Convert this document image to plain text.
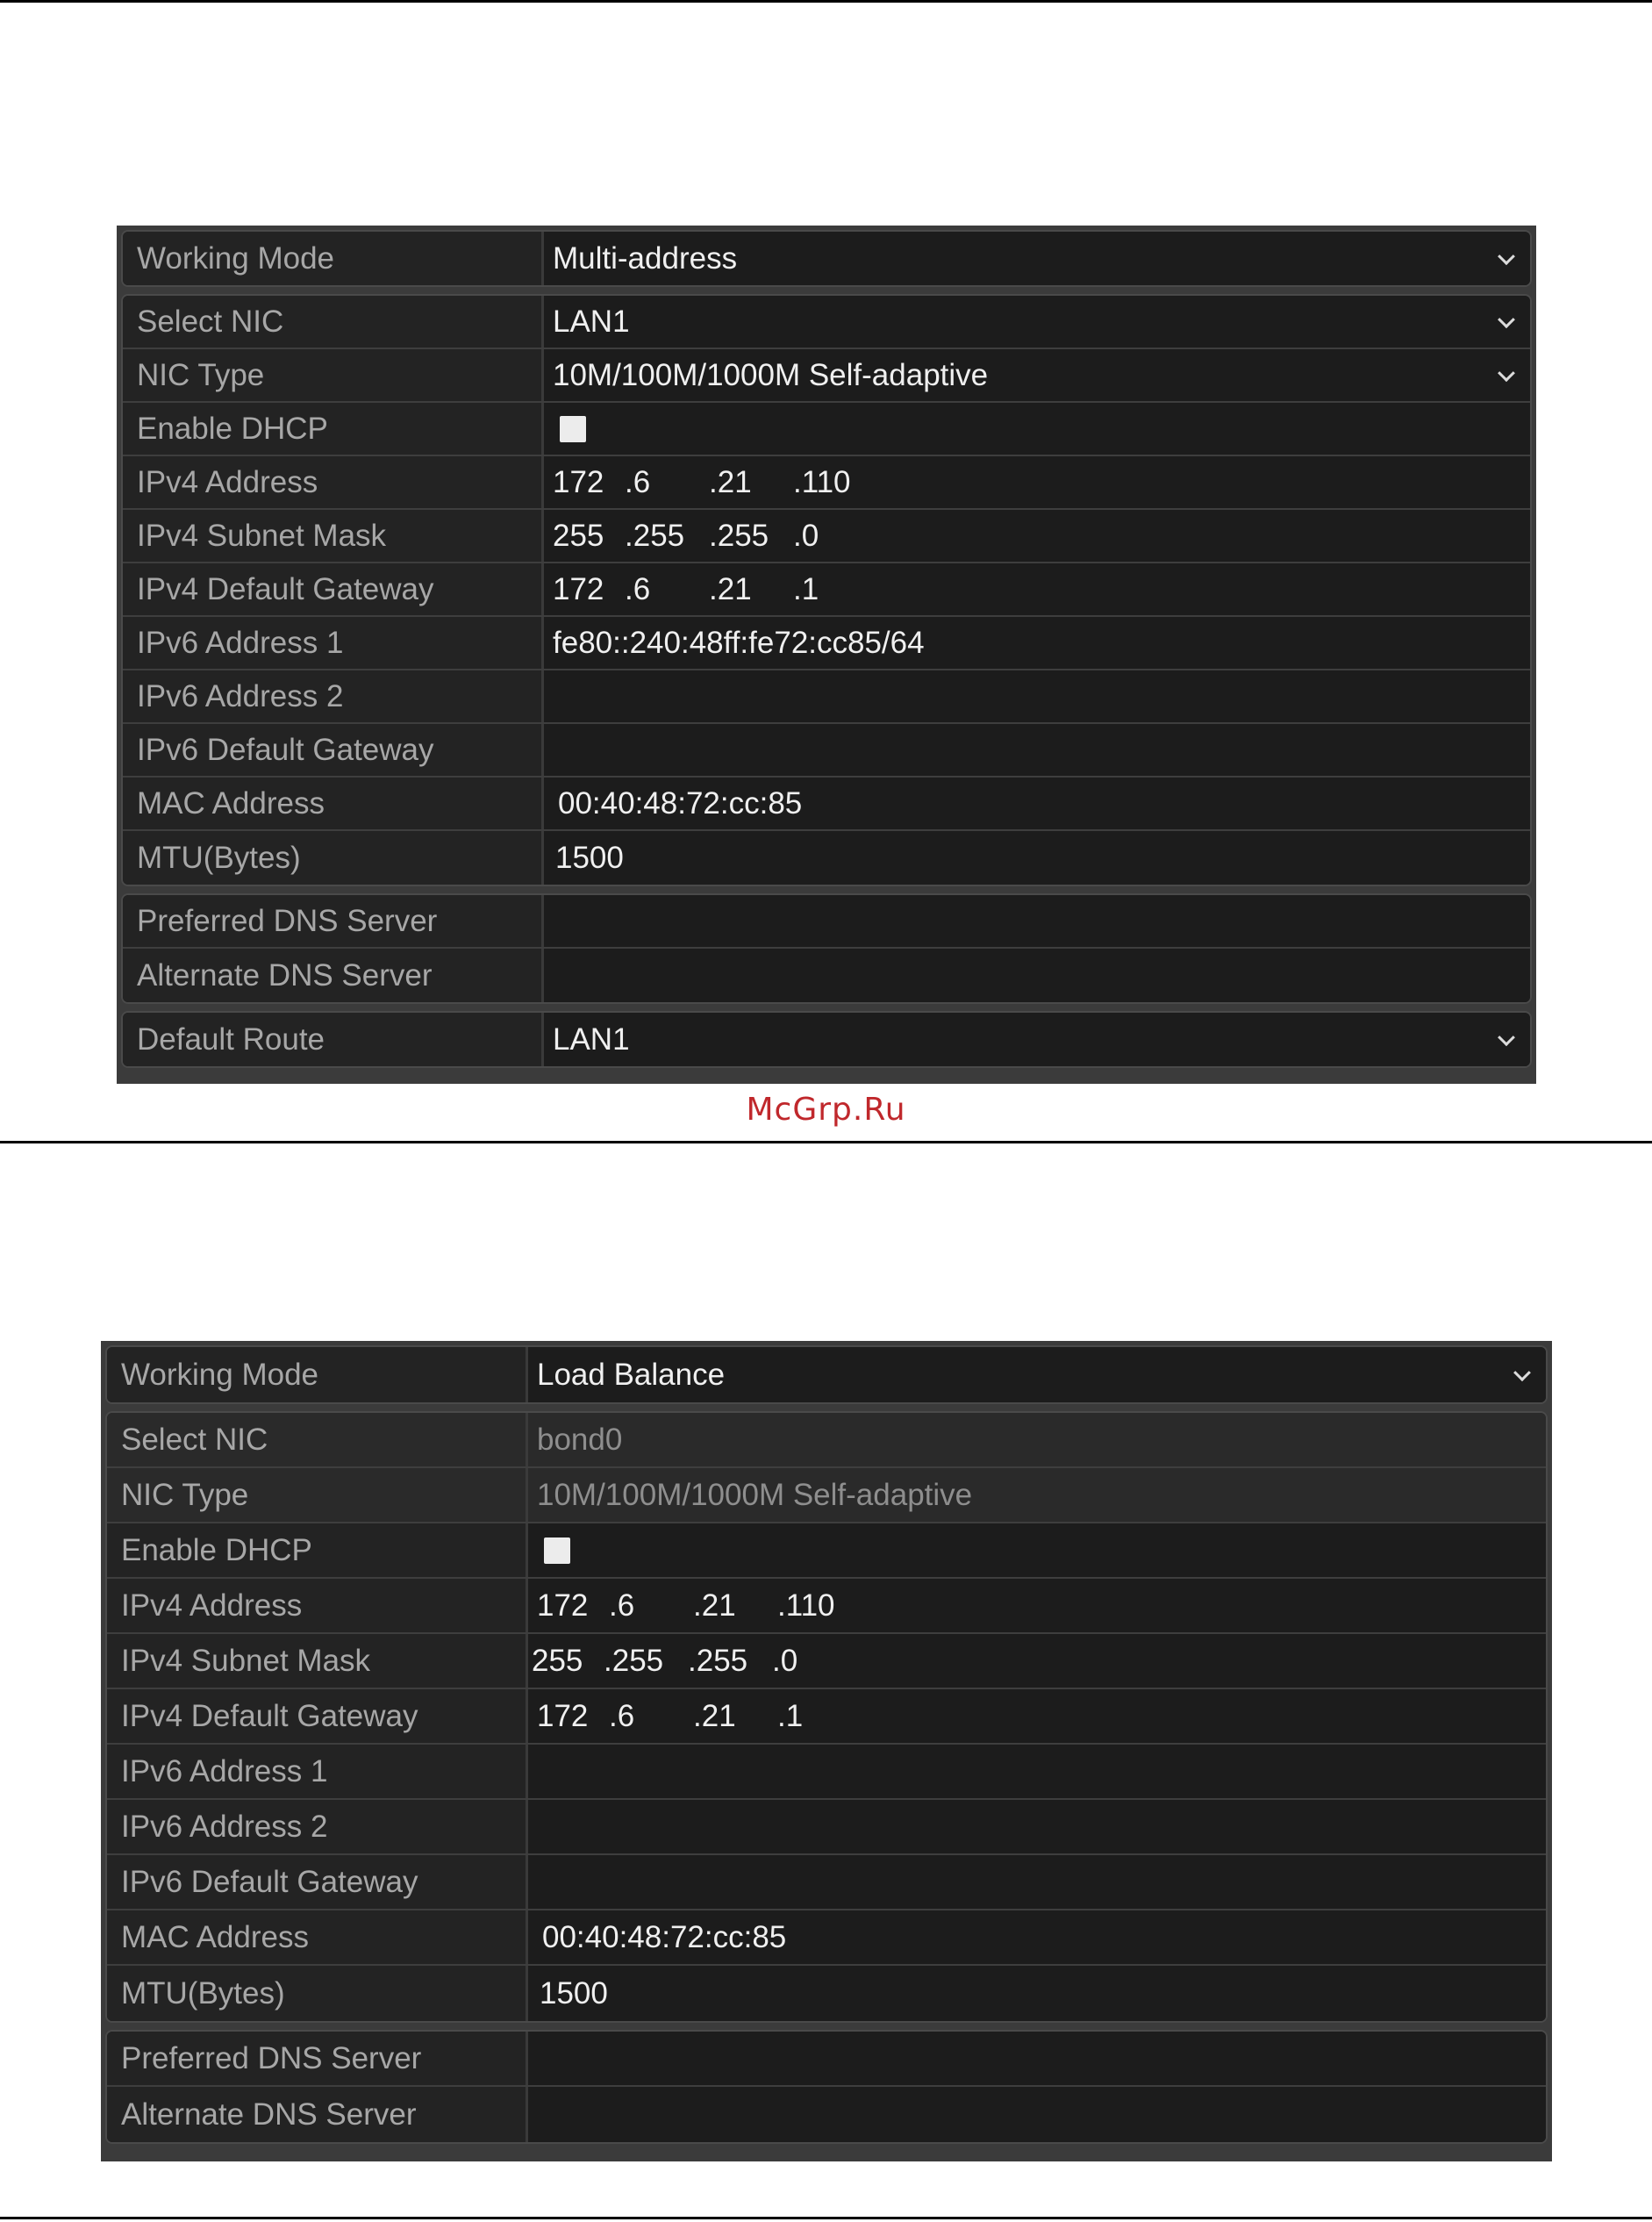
Working Mode	Multi-address
Select NIC	LAN1
NIC Type	10M/100M/1000M Self-adaptive
Enable DHCP
IPv4 Address	172 .6	.21	.110
IPv4 Subnet Mask	255 .255 .255 .0
IPv4 Default Gateway	172 .6	.21	.1
IPv6 Address 1	fe80::240:48ff:fe72:cc85/64
IPv6 Address 2
IPv6 Default Gateway
MAC Address	00:40:48:72:cc:85
MTU(Bytes)	1500
Preferred DNS Server
Alternate DNS Server
Default Route	LAN1
McGrp.Ru
Working Mode	Load Balance
Select NIC	bond0
NIC Type	10M/100M/1000M Self-adaptive
Enable DHCP
IPv4 Address	172 .6	.21	.110
IPv4 Subnet Mask	255 .255 .255 .0
IPv4 Default Gateway	172 .6	.21	.1
IPv6 Address 1
IPv6 Address 2
IPv6 Default Gateway
MAC Address	00:40:48:72:cc:85
MTU(Bytes)	1500
Preferred DNS Server
Alternate DNS Server
